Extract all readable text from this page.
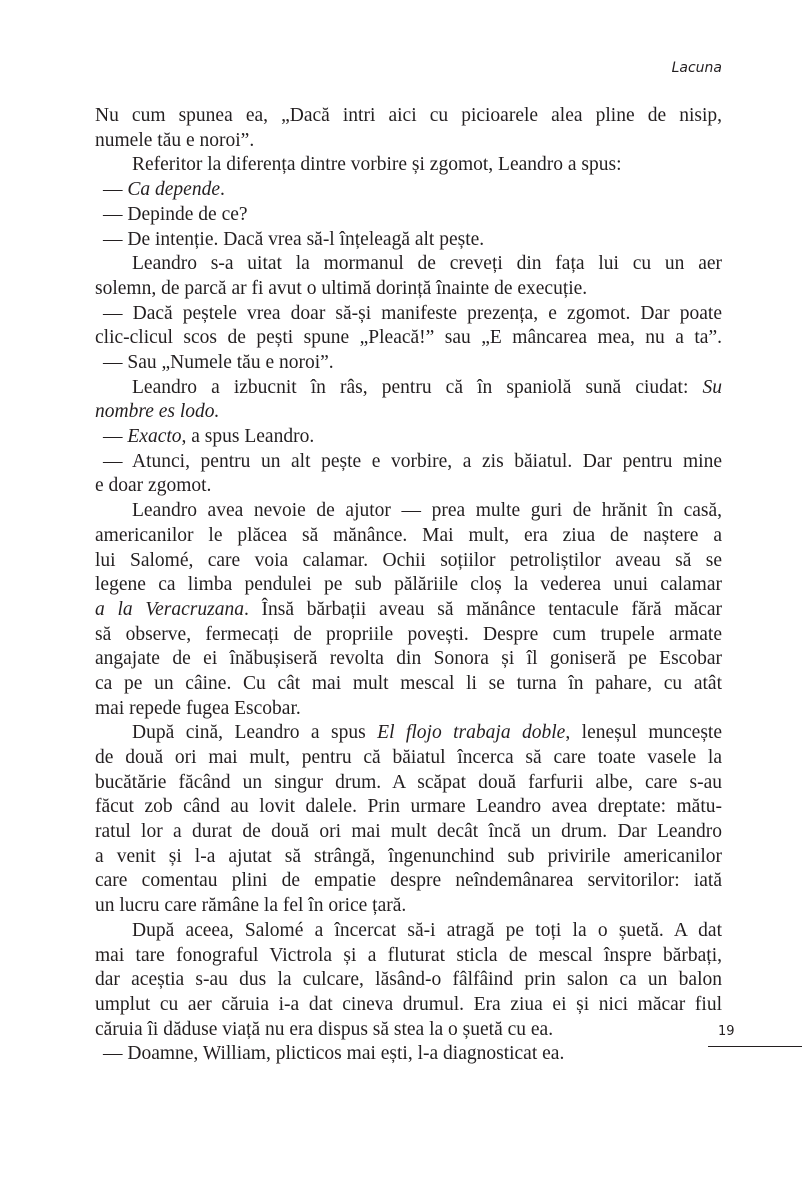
Lacuna
Nu cum spunea ea, „Dacă intri aici cu picioarele alea pline de nisip,
numele tău e noroi”.
Referitor la diferența dintre vorbire și zgomot, Leandro a spus:
— Ca depende.
— Depinde de ce?
— De intenție. Dacă vrea să-l înțeleagă alt pește.
Leandro s-a uitat la mormanul de creveți din fața lui cu un aer
solemn, de parcă ar fi avut o ultimă dorință înainte de execuție.
— Dacă peștele vrea doar să-și manifeste prezența, e zgomot. Dar poate
clic-clicul scos de pești spune „Pleacă!” sau „E mâncarea mea, nu a ta”.
— Sau „Numele tău e noroi”.
Leandro a izbucnit în râs, pentru că în spaniolă sună ciudat: Su
nombre es lodo.
— Exacto, a spus Leandro.
— Atunci, pentru un alt pește e vorbire, a zis băiatul. Dar pentru mine
e doar zgomot.
Leandro avea nevoie de ajutor — prea multe guri de hrănit în casă,
americanilor le plăcea să mănânce. Mai mult, era ziua de naștere a
lui Salomé, care voia calamar. Ochii soțiilor petroliștilor aveau să se
legene ca limba pendulei pe sub pălăriile cloș la vederea unui calamar
a la Veracruzana. Însă bărbații aveau să mănânce tentacule fără măcar
să observe, fermecați de propriile povești. Despre cum trupele armate
angajate de ei înăbușiseră revolta din Sonora și îl goniseră pe Escobar
ca pe un câine. Cu cât mai mult mescal li se turna în pahare, cu atât
mai repede fugea Escobar.
După cină, Leandro a spus El flojo trabaja doble, leneșul muncește
de două ori mai mult, pentru că băiatul încerca să care toate vasele la
bucătărie făcând un singur drum. A scăpat două farfurii albe, care s-au
făcut zob când au lovit dalele. Prin urmare Leandro avea dreptate: mătu-
ratul lor a durat de două ori mai mult decât încă un drum. Dar Leandro
a venit și l-a ajutat să strângă, îngenunchind sub privirile americanilor
care comentau plini de empatie despre neîndemânarea servitorilor: iată
un lucru care rămâne la fel în orice țară.
După aceea, Salomé a încercat să-i atragă pe toți la o șuetă. A dat
mai tare fonograful Victrola și a fluturat sticla de mescal înspre bărbați,
dar aceștia s-au dus la culcare, lăsând-o fâlfâind prin salon ca un balon
umplut cu aer căruia i-a dat cineva drumul. Era ziua ei și nici măcar fiul
căruia îi dăduse viață nu era dispus să stea la o șuetă cu ea.
— Doamne, William, plicticos mai ești, l-a diagnosticat ea.
19
